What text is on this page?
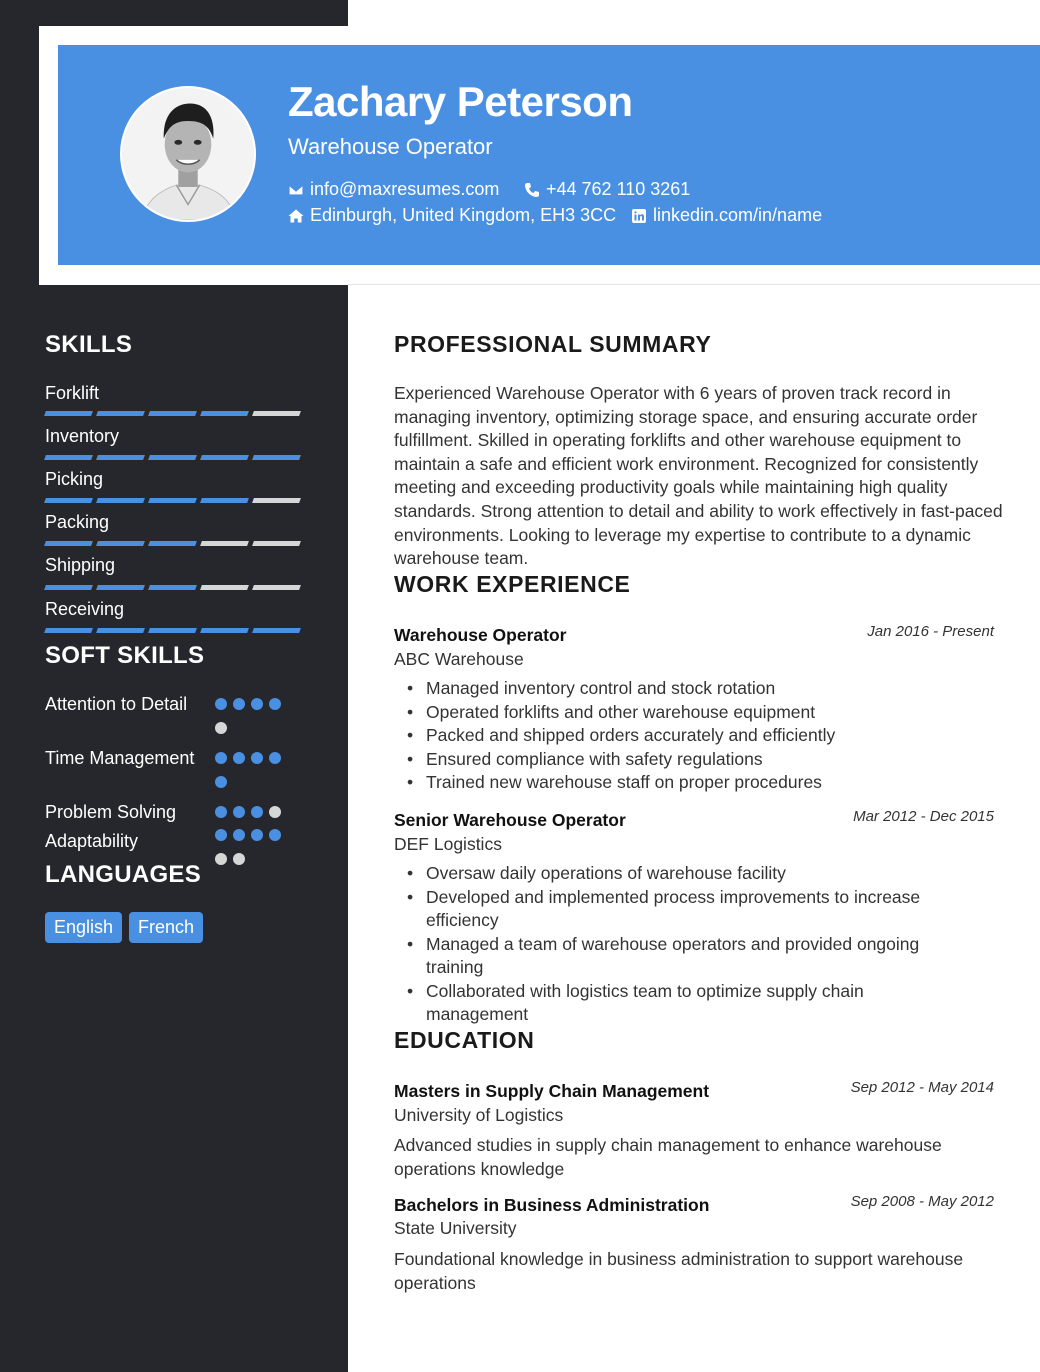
Zachary Peterson
Warehouse Operator
info@maxresumes.com	+44 762 110 3261
Edinburgh, United Kingdom, EH3 3CC linkedin.com/in/name
SKILLS
Forklift
Inventory
Picking
Packing
Shipping
Receiving
SOFT SKILLS
Attention to Detail
Time Management
Problem Solving
Adaptability
LANGUAGES
English	French
PROFESSIONAL SUMMARY
Experienced Warehouse Operator with 6 years of proven track record in managing inventory, optimizing storage space, and ensuring accurate order fulfillment. Skilled in operating forklifts and other warehouse equipment to maintain a safe and efficient work environment. Recognized for consistently meeting and exceeding productivity goals while maintaining high quality standards. Strong attention to detail and ability to work effectively in fast-paced environments. Looking to leverage my expertise to contribute to a dynamic warehouse team.
WORK EXPERIENCE
Warehouse Operator	Jan 2016 - Present
ABC Warehouse
• Managed inventory control and stock rotation
• Operated forklifts and other warehouse equipment
• Packed and shipped orders accurately and efficiently
• Ensured compliance with safety regulations
• Trained new warehouse staff on proper procedures
Senior Warehouse Operator	Mar 2012 - Dec 2015
DEF Logistics
• Oversaw daily operations of warehouse facility
• Developed and implemented process improvements to increase efficiency
• Managed a team of warehouse operators and provided ongoing training
• Collaborated with logistics team to optimize supply chain management
EDUCATION
Masters in Supply Chain Management	Sep 2012 - May 2014
University of Logistics
Advanced studies in supply chain management to enhance warehouse operations knowledge
Bachelors in Business Administration	Sep 2008 - May 2012
State University
Foundational knowledge in business administration to support warehouse operations
